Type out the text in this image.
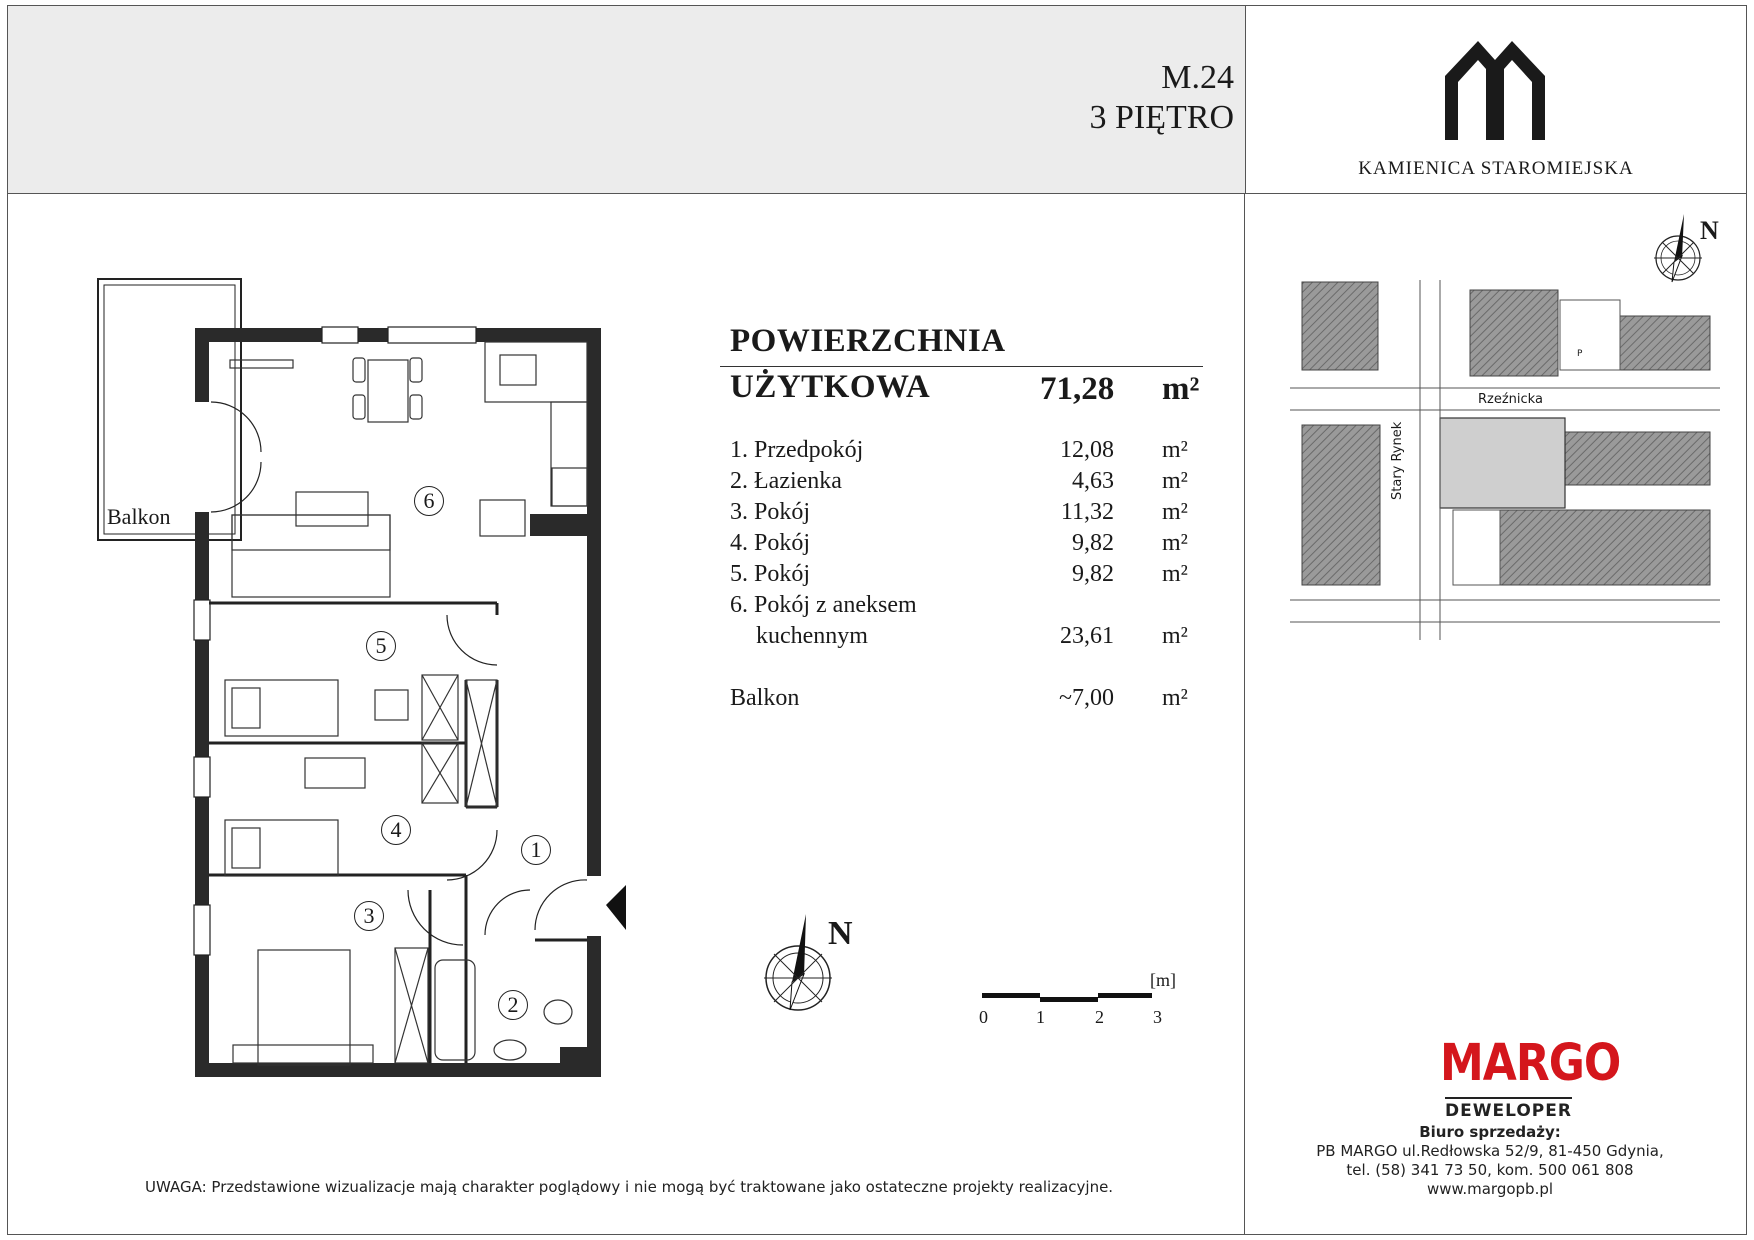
M.24
3 PIĘTRO
KAMIENICA STAROMIEJSKA
POWIERZCHNIA
UŻYTKOWA	71,28 m²
1. Przedpokój	12,08 m²
2. Łazienka	4,63 m²
3. Pokój	11,32 m²
4. Pokój	9,82 m²
5. Pokój	9,82 m²
6. Pokój z aneksem
kuchennym	23,61 m²
Balkon	~7,00 m²
Balkon
6
5
4
1
3
2
N
[m]
0	1	2	3
Rzeźnicka
Stary Rynek
P
N
MARGO
DEWELOPER
Biuro sprzedaży:
PB MARGO ul.Redłowska 52/9, 81-450 Gdynia,
tel. (58) 341 73 50, kom. 500 061 808
www.margopb.pl
UWAGA: Przedstawione wizualizacje mają charakter poglądowy i nie mogą być traktowane jako ostateczne projekty realizacyjne.
